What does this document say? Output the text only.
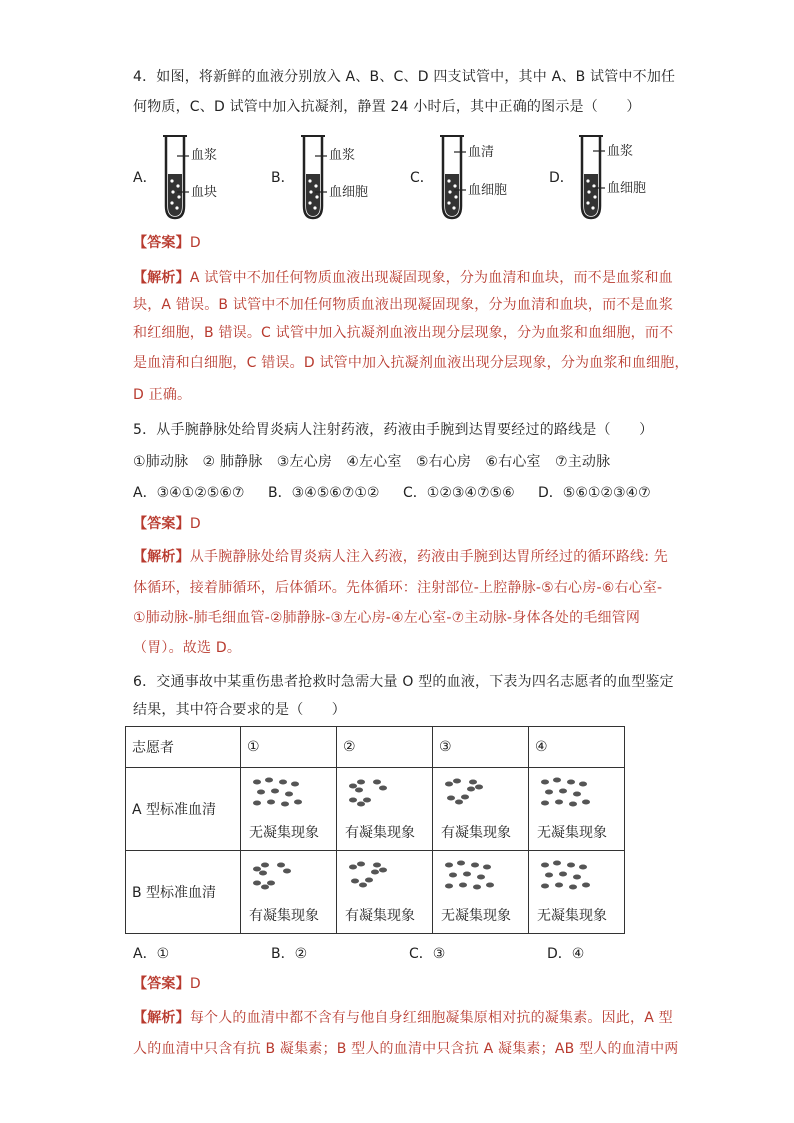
4．如图，将新鲜的血液分别放入 A、B、C、D 四支试管中，其中 A、B 试管中不加任
何物质，C、D 试管中加入抗凝剂，静置 24 小时后，其中正确的图示是（　　）
A．
血浆
血块
B．
血浆
血细胞
C．
血清
血细胞
D．
血浆
血细胞
【答案】D
【解析】A 试管中不加任何物质血液出现凝固现象，分为血清和血块，而不是血浆和血
块，A 错误。B 试管中不加任何物质血液出现凝固现象，分为血清和血块，而不是血浆
和红细胞，B 错误。C 试管中加入抗凝剂血液出现分层现象，分为血浆和血细胞，而不
是血清和白细胞，C 错误。D 试管中加入抗凝剂血液出现分层现象，分为血浆和血细胞，
D 正确。
5．从手腕静脉处给胃炎病人注射药液，药液由手腕到达胃要经过的路线是（　　）
①肺动脉　② 肺静脉　③左心房　④左心室　⑤右心房　⑥右心室　⑦主动脉
A．③④①②⑤⑥⑦ B．③④⑤⑥⑦①② C．①②③④⑦⑤⑥ D．⑤⑥①②③④⑦
【答案】D
【解析】从手腕静脉处给胃炎病人注入药液，药液由手腕到达胃所经过的循环路线: 先
体循环，接着肺循环，后体循环。先体循环：注射部位-上腔静脉-⑤右心房-⑥右心室-
①肺动脉-肺毛细血管-②肺静脉-③左心房-④左心室-⑦主动脉-身体各处的毛细管网
（胃）。故选 D。
6．交通事故中某重伤患者抢救时急需大量 O 型的血液，下表为四名志愿者的血型鉴定
结果，其中符合要求的是（　　）
志愿者	①	②	③	④
A 型标准血清	无凝集现象	有凝集现象	有凝集现象	无凝集现象

B 型标准血清	有凝集现象	有凝集现象	无凝集现象	无凝集现象
A．①	B．②	C．③	D．④
【答案】D
【解析】每个人的血清中都不含有与他自身红细胞凝集原相对抗的凝集素。因此，A 型
人的血清中只含有抗 B 凝集素；B 型人的血清中只含抗 A 凝集素；AB 型人的血清中两
